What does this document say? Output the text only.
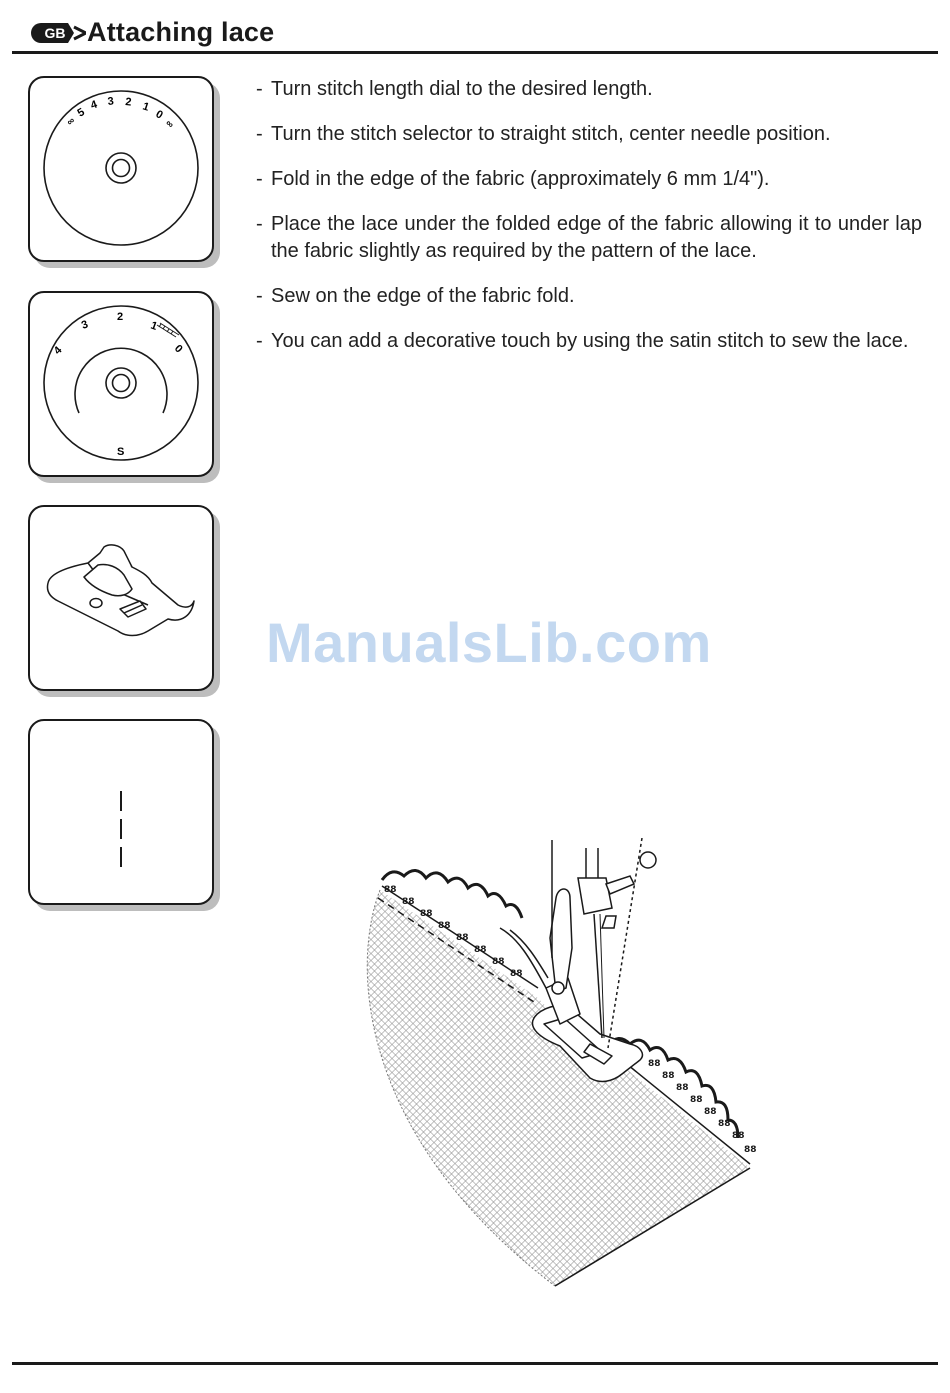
GB Attaching lace
∞
5
4 3 2 1
0
∞
4
3
2
1
0
S
- Turn stitch length dial to the desired length.
- Turn the stitch selector to straight stitch, center needle position.
- Fold in the edge of the fabric (approximately 6 mm 1/4").
- Place the lace under the folded edge of the fabric allowing it to under lap the fabric slightly as required by the pattern of the lace.
- Sew on the edge of the fabric fold.
- You can add a decorative touch by using the satin stitch to sew the lace.
ManualsLib.com
88
88
88
88
88
88
88
88
88
88
88
88
88
88
88
88
